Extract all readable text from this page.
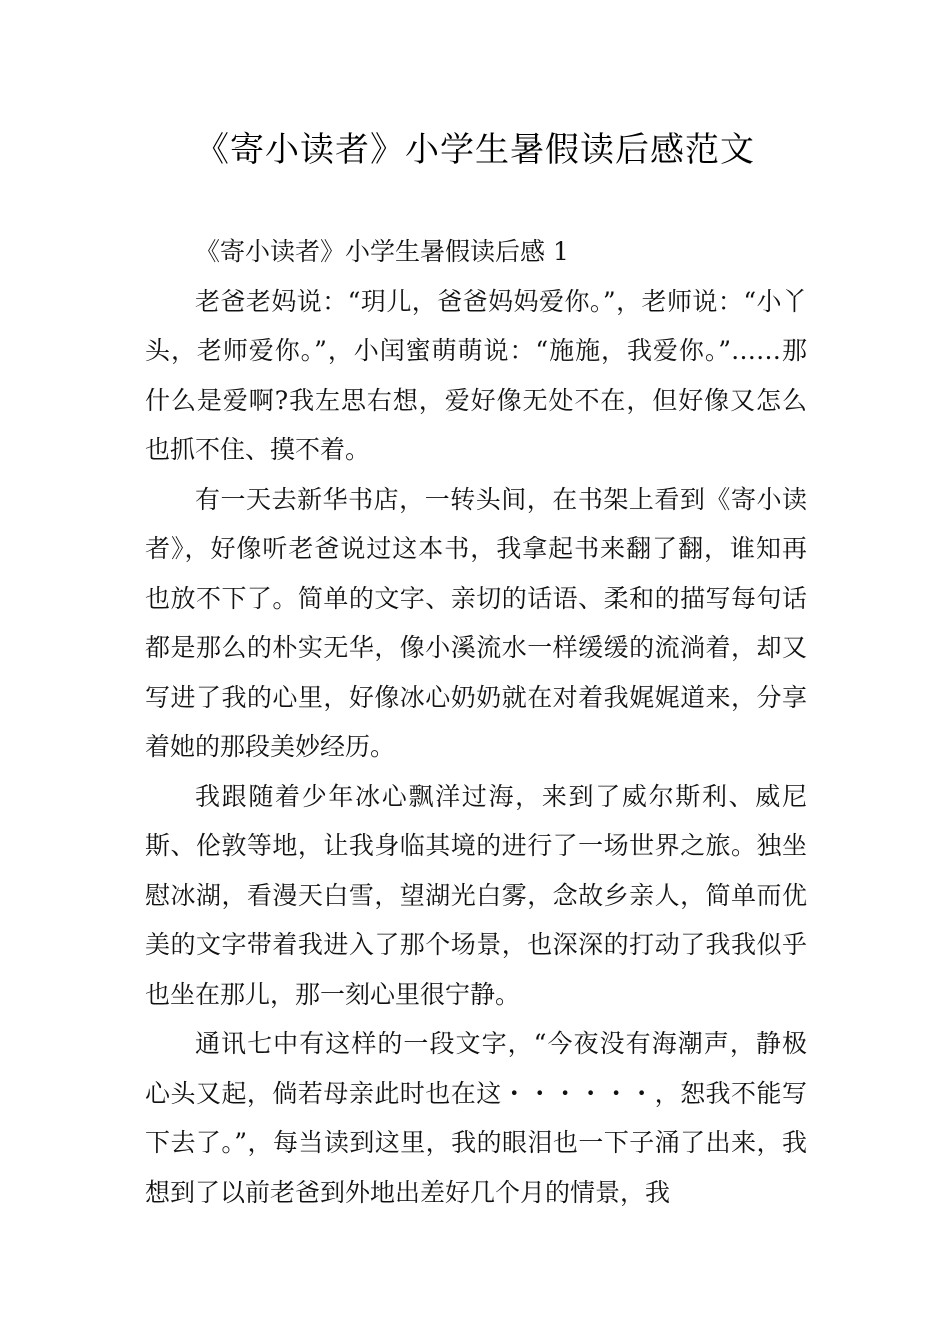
《寄小读者》小学生暑假读后感范文

《寄小读者》小学生暑假读后感 1

老爸老妈说：“玥儿，爸爸妈妈爱你。”，老师说：“小丫头，老师爱你。”，小闰蜜萌萌说：“施施，我爱你。”……那什么是爱啊?我左思右想，爱好像无处不在，但好像又怎么也抓不住、摸不着。

有一天去新华书店，一转头间，在书架上看到《寄小读者》，好像听老爸说过这本书，我拿起书来翻了翻，谁知再也放不下了。简单的文字、亲切的话语、柔和的描写每句话都是那么的朴实无华，像小溪流水一样缓缓的流淌着，却又写进了我的心里，好像冰心奶奶就在对着我娓娓道来，分享着她的那段美妙经历。

我跟随着少年冰心飘洋过海，来到了威尔斯利、威尼斯、伦敦等地，让我身临其境的进行了一场世界之旅。独坐慰冰湖，看漫天白雪，望湖光白雾，念故乡亲人，简单而优美的文字带着我进入了那个场景，也深深的打动了我我似乎也坐在那儿，那一刻心里很宁静。

通讯七中有这样的一段文字，“今夜没有海潮声，静极心头又起，倘若母亲此时也在这・・・・・・，恕我不能写下去了。”，每当读到这里，我的眼泪也一下子涌了出来，我想到了以前老爸到外地出差好几个月的情景，我
